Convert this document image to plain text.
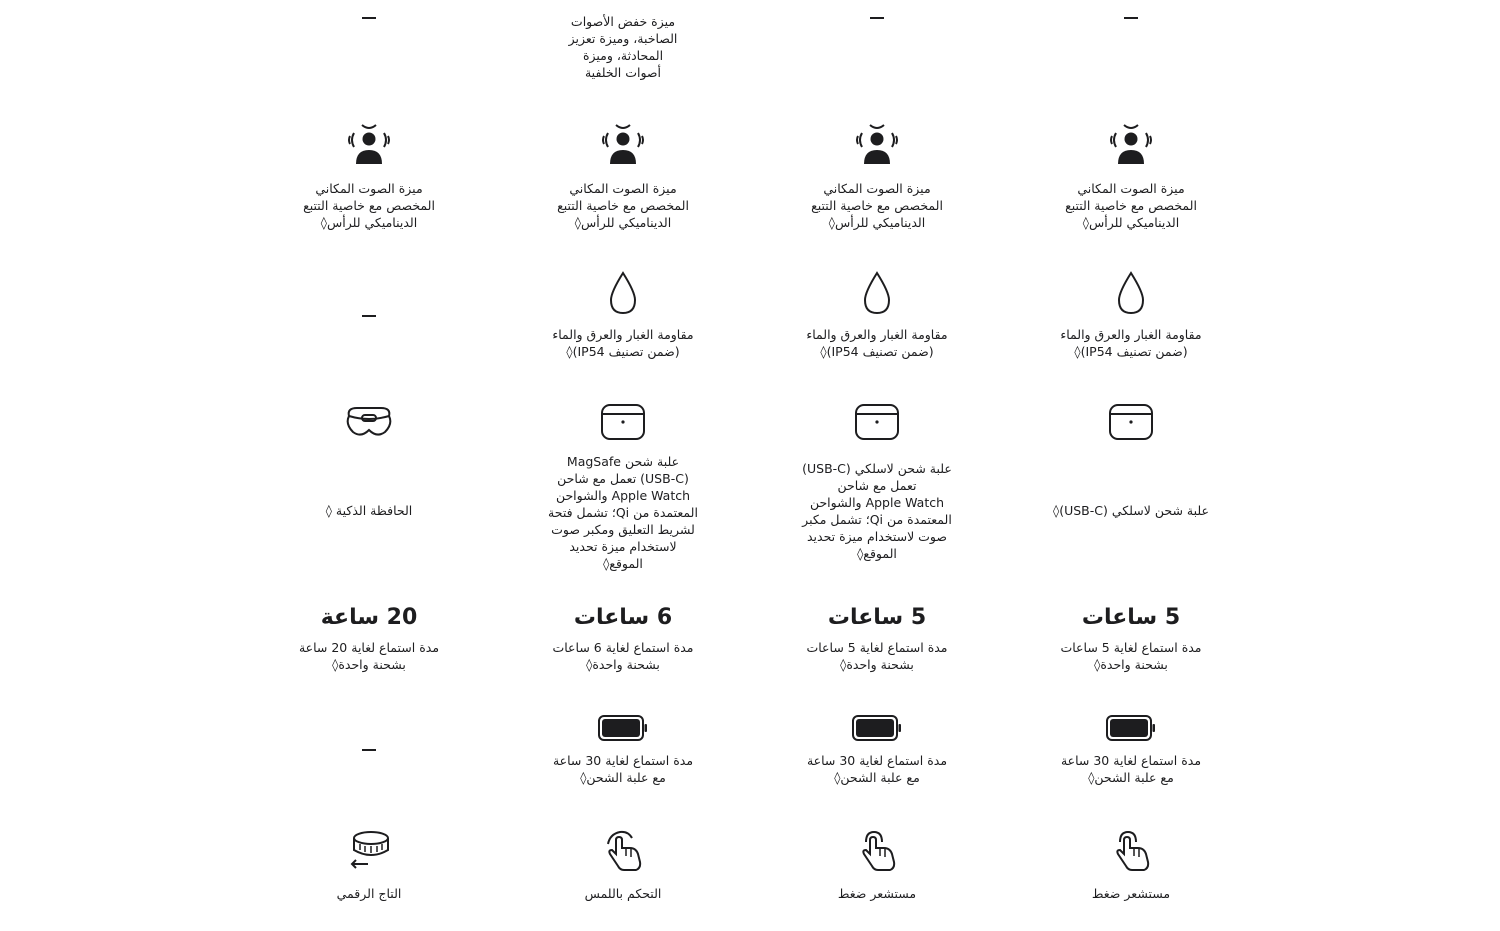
ميزة الصوت المكاني
المخصص مع خاصية التتبع
الديناميكي للرأس◊
الحافظة الذكية ◊
20 ساعة
مدة استماع لغاية 20 ساعة
بشحنة واحدة◊
التاج الرقمي
ميزة خفض الأصوات
الصاخبة، وميزة تعزيز
المحادثة، وميزة
أصوات الخلفية
ميزة الصوت المكاني
المخصص مع خاصية التتبع
الديناميكي للرأس◊
مقاومة الغبار والعرق والماء
(ضمن تصنيف IP54)◊
علبة شحن MagSafe
(USB‑C) تعمل مع شاحن
Apple Watch والشواحن
المعتمدة من Qi؛ تشمل فتحة
لشريط التعليق ومكبر صوت
لاستخدام ميزة تحديد
الموقع◊
6 ساعات
مدة استماع لغاية 6 ساعات
بشحنة واحدة◊
مدة استماع لغاية 30 ساعة
مع علبة الشحن◊
التحكم باللمس
ميزة الصوت المكاني
المخصص مع خاصية التتبع
الديناميكي للرأس◊
مقاومة الغبار والعرق والماء
(ضمن تصنيف IP54)◊
علبة شحن لاسلكي (USB‑C)
تعمل مع شاحن
Apple Watch والشواحن
المعتمدة من Qi؛ تشمل مكبر
صوت لاستخدام ميزة تحديد
الموقع◊
5 ساعات
مدة استماع لغاية 5 ساعات
بشحنة واحدة◊
مدة استماع لغاية 30 ساعة
مع علبة الشحن◊
مستشعر ضغط
ميزة الصوت المكاني
المخصص مع خاصية التتبع
الديناميكي للرأس◊
مقاومة الغبار والعرق والماء
(ضمن تصنيف IP54)◊
علبة شحن لاسلكي (USB‑C)◊
5 ساعات
مدة استماع لغاية 5 ساعات
بشحنة واحدة◊
مدة استماع لغاية 30 ساعة
مع علبة الشحن◊
مستشعر ضغط
